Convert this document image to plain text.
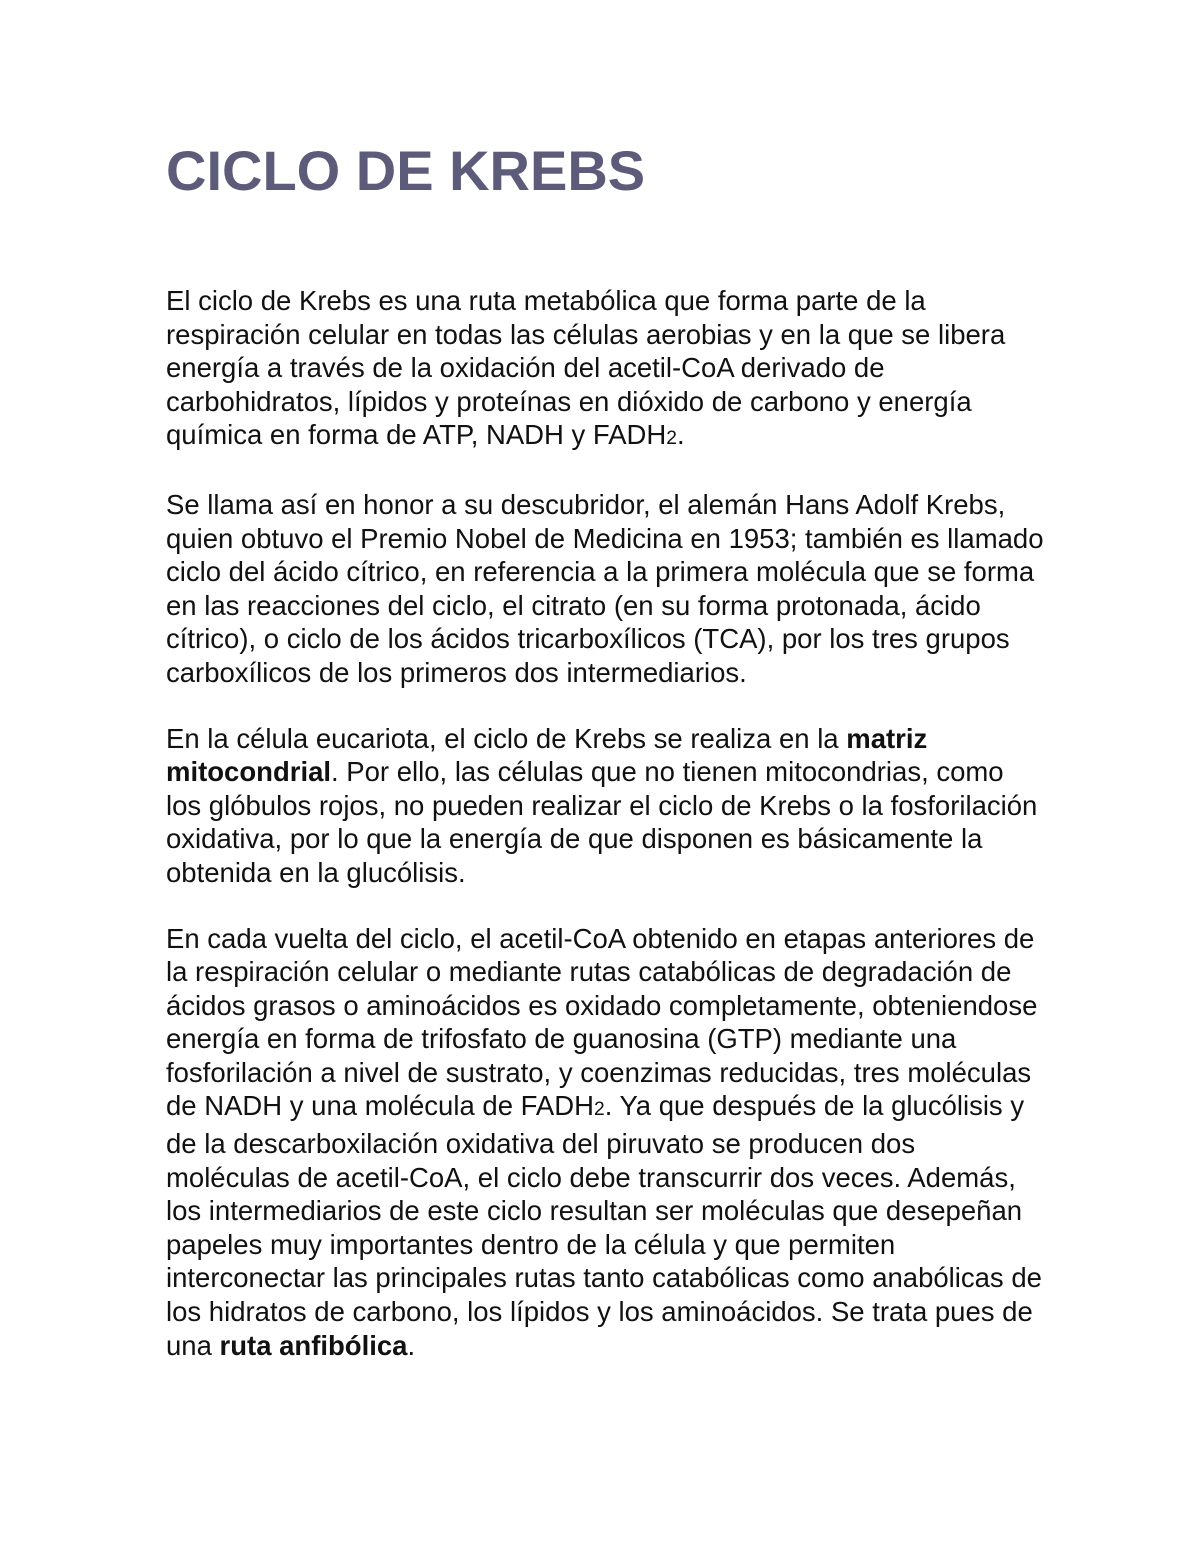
CICLO DE KREBS

El ciclo de Krebs es una ruta metabólica que forma parte de la respiración celular en todas las células aerobias y en la que se libera energía a través de la oxidación del acetil-CoA derivado de carbohidratos, lípidos y proteínas en dióxido de carbono y energía química en forma de ATP, NADH y FADH2.

Se llama así en honor a su descubridor, el alemán Hans Adolf Krebs, quien obtuvo el Premio Nobel de Medicina en 1953; también es llamado ciclo del ácido cítrico, en referencia a la primera molécula que se forma en las reacciones del ciclo, el citrato (en su forma protonada, ácido cítrico), o ciclo de los ácidos tricarboxílicos (TCA), por los tres grupos carboxílicos de los primeros dos intermediarios.

En la célula eucariota, el ciclo de Krebs se realiza en la matriz mitocondrial. Por ello, las células que no tienen mitocondrias, como los glóbulos rojos, no pueden realizar el ciclo de Krebs o la fosforilación oxidativa, por lo que la energía de que disponen es básicamente la obtenida en la glucólisis.

En cada vuelta del ciclo, el acetil-CoA obtenido en etapas anteriores de la respiración celular o mediante rutas catabólicas de degradación de ácidos grasos o aminoácidos es oxidado completamente, obteniendose energía en forma de trifosfato de guanosina (GTP) mediante una fosforilación a nivel de sustrato, y coenzimas reducidas, tres moléculas de NADH y una molécula de FADH2. Ya que después de la glucólisis y de la descarboxilación oxidativa del piruvato se producen dos moléculas de acetil-CoA, el ciclo debe transcurrir dos veces. Además, los intermediarios de este ciclo resultan ser moléculas que desepeñan papeles muy importantes dentro de la célula y que permiten interconectar las principales rutas tanto catabólicas como anabólicas de los hidratos de carbono, los lípidos y los aminoácidos. Se trata pues de una ruta anfibólica.
